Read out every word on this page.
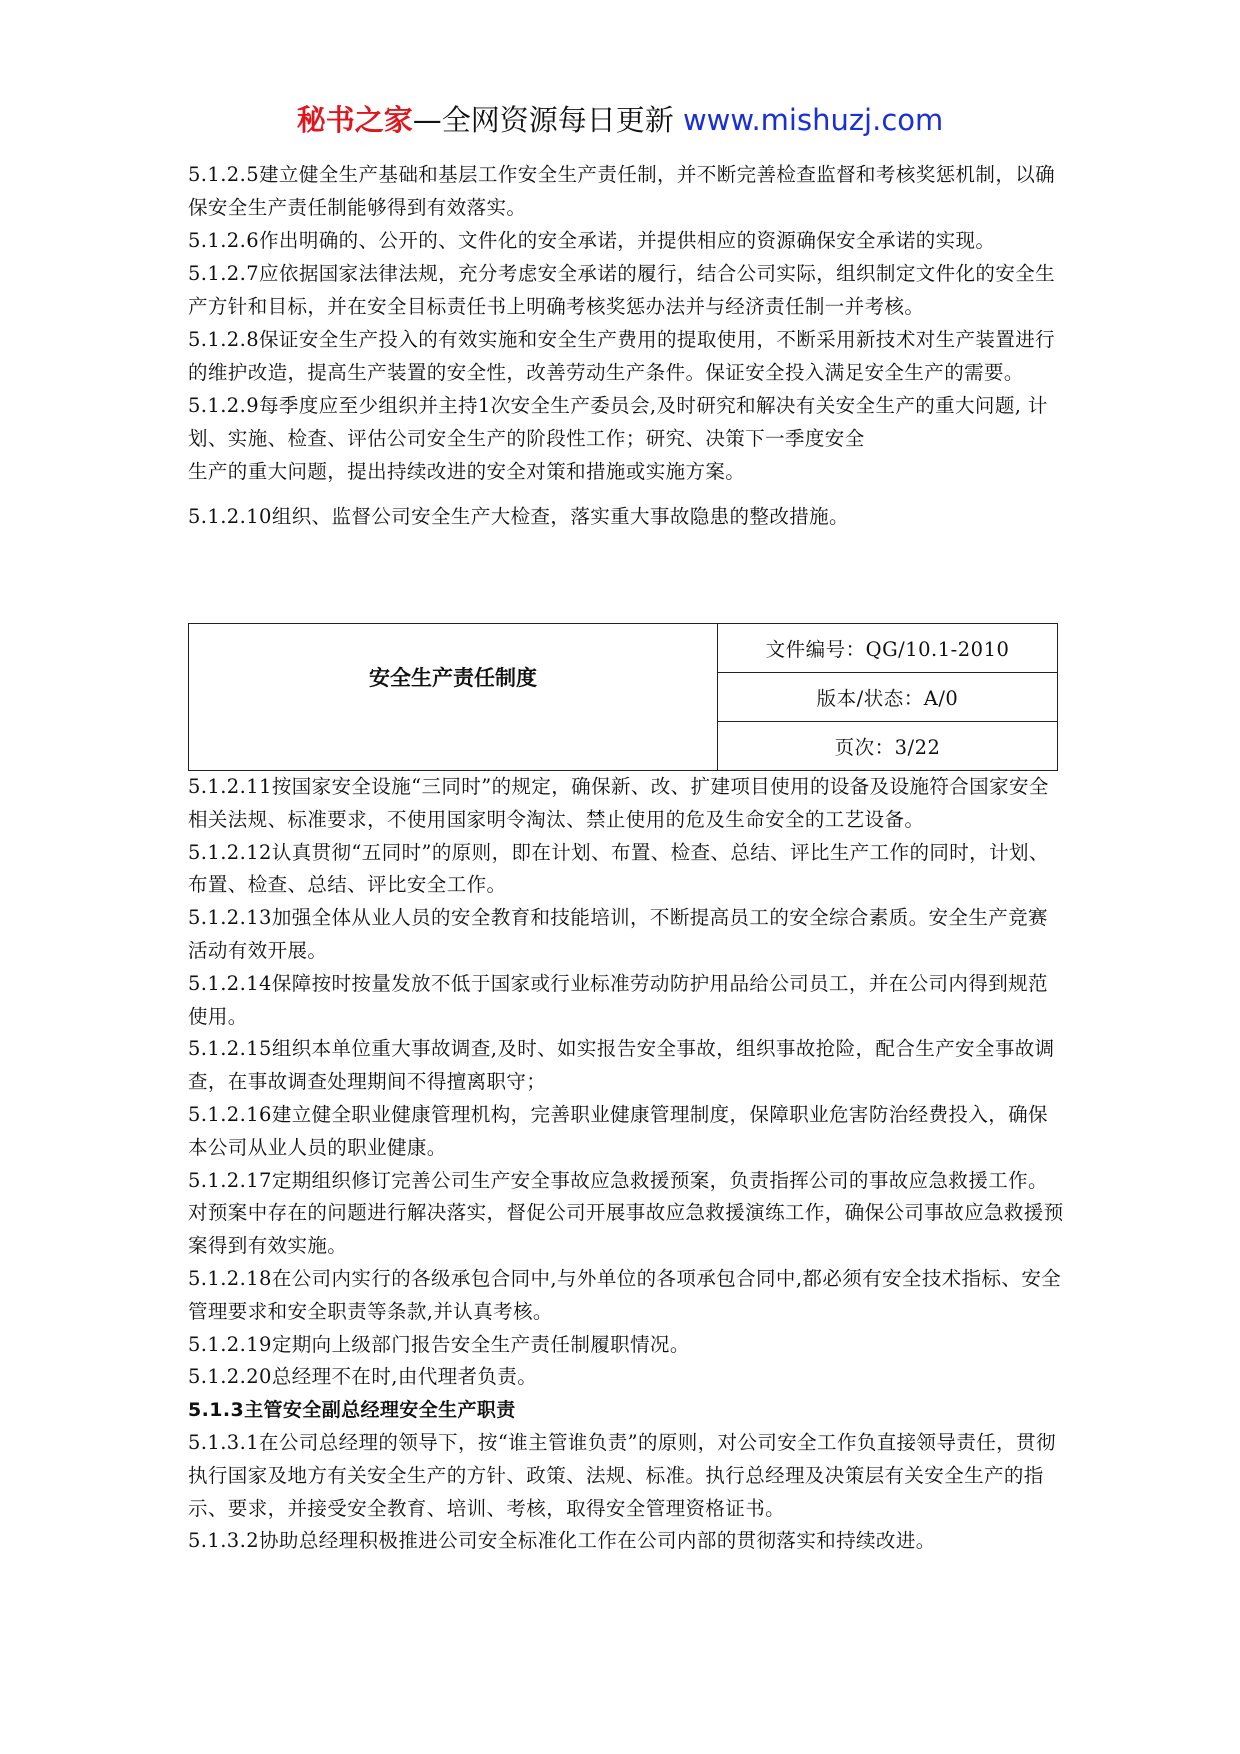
秘书之家—全网资源每日更新 www.mishuzj.com

5.1.2.5建立健全生产基础和基层工作安全生产责任制，并不断完善检查监督和考核奖惩机制，以确保安全生产责任制能够得到有效落实。

5.1.2.6作出明确的、公开的、文件化的安全承诺，并提供相应的资源确保安全承诺的实现。5.1.2.7应依据国家法律法规，充分考虑安全承诺的履行，结合公司实际，组织制定文件化的安全生产方针和目标，并在安全目标责任书上明确考核奖惩办法并与经济责任制一并考核。

5.1.2.8保证安全生产投入的有效实施和安全生产费用的提取使用，不断采用新技术对生产装置进行的维护改造，提高生产装置的安全性，改善劳动生产条件。保证安全投入满足安全生产的需要。

5.1.2.9每季度应至少组织并主持1次安全生产委员会,及时研究和解决有关安全生产的重大问题, 计划、实施、检查、评估公司安全生产的阶段性工作；研究、决策下一季度安全

生产的重大问题，提出持续改进的安全对策和措施或实施方案。

5.1.2.10组织、监督公司安全生产大检查，落实重大事故隐患的整改措施。

安全生产责任制度	文件编号：QG/10.1-2010
版本/状态：A/0
页次：3/22

5.1.2.11按国家安全设施“三同时”的规定，确保新、改、扩建项目使用的设备及设施符合国家安全相关法规、标准要求，不使用国家明令淘汰、禁止使用的危及生命安全的工艺设备。

5.1.2.12认真贯彻“五同时”的原则，即在计划、布置、检查、总结、评比生产工作的同时，计划、布置、检查、总结、评比安全工作。

5.1.2.13加强全体从业人员的安全教育和技能培训，不断提高员工的安全综合素质。安全生产竞赛活动有效开展。

5.1.2.14保障按时按量发放不低于国家或行业标准劳动防护用品给公司员工，并在公司内得到规范使用。

5.1.2.15组织本单位重大事故调查,及时、如实报告安全事故，组织事故抢险，配合生产安全事故调查，在事故调查处理期间不得擅离职守；

5.1.2.16建立健全职业健康管理机构，完善职业健康管理制度，保障职业危害防治经费投入，确保本公司从业人员的职业健康。

5.1.2.17定期组织修订完善公司生产安全事故应急救援预案，负责指挥公司的事故应急救援工作。对预案中存在的问题进行解决落实，督促公司开展事故应急救援演练工作，确保公司事故应急救援预案得到有效实施。

5.1.2.18在公司内实行的各级承包合同中,与外单位的各项承包合同中,都必须有安全技术指标、安全管理要求和安全职责等条款,并认真考核。

5.1.2.19定期向上级部门报告安全生产责任制履职情况。

5.1.2.20总经理不在时,由代理者负责。

5.1.3主管安全副总经理安全生产职责

5.1.3.1在公司总经理的领导下，按“谁主管谁负责”的原则，对公司安全工作负直接领导责任，贯彻执行国家及地方有关安全生产的方针、政策、法规、标准。执行总经理及决策层有关安全生产的指示、要求，并接受安全教育、培训、考核，取得安全管理资格证书。

5.1.3.2协助总经理积极推进公司安全标准化工作在公司内部的贯彻落实和持续改进。
